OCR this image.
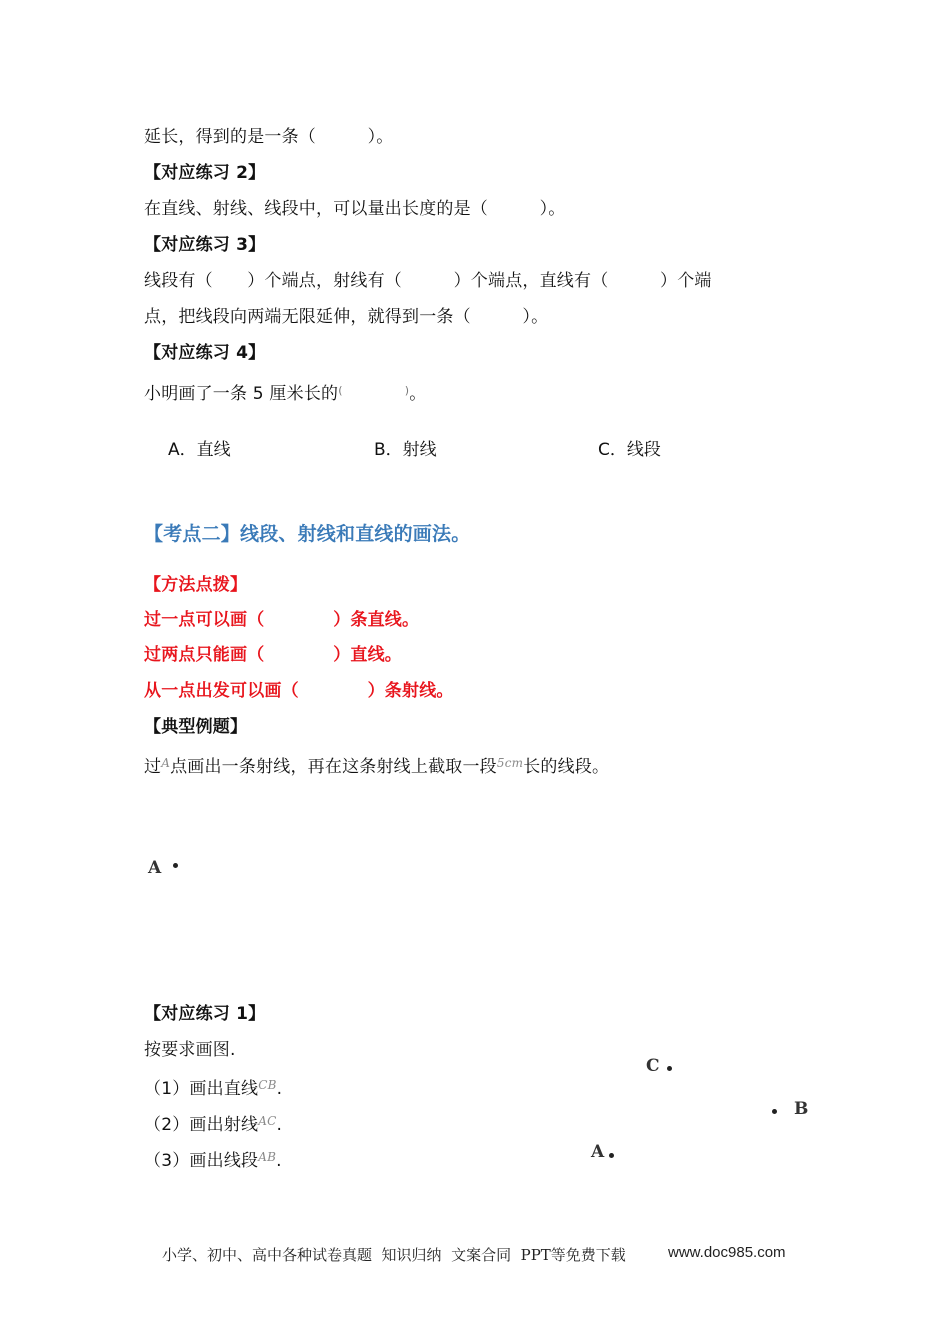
延长，得到的是一条（　　　）。
【对应练习 2】
在直线、射线、线段中，可以量出长度的是（　　　）。
【对应练习 3】
线段有（　　）个端点，射线有（　　　）个端点，直线有（　　　）个端
点，把线段向两端无限延伸，就得到一条（　　　）。
【对应练习 4】
小明画了一条 5 厘米长的(	)。
A．直线	B．射线	C．线段
【考点二】线段、射线和直线的画法。
【方法点拨】
过一点可以画（　　　　）条直线。
过两点只能画（　　　　）直线。
从一点出发可以画（　　　　）条射线。
【典型例题】
过$^A$点画出一条射线，再在这条射线上截取一段$^{5cm}$长的线段。
A
【对应练习 1】
按要求画图.
（1）画出直线$^{CB}$.
（2）画出射线$^{AC}$.
（3）画出线段$^{AB}$.
C
B
A
小学、初中、高中各种试卷真题  知识归纳  文案合同  PPT等免费下载	www.doc985.com
